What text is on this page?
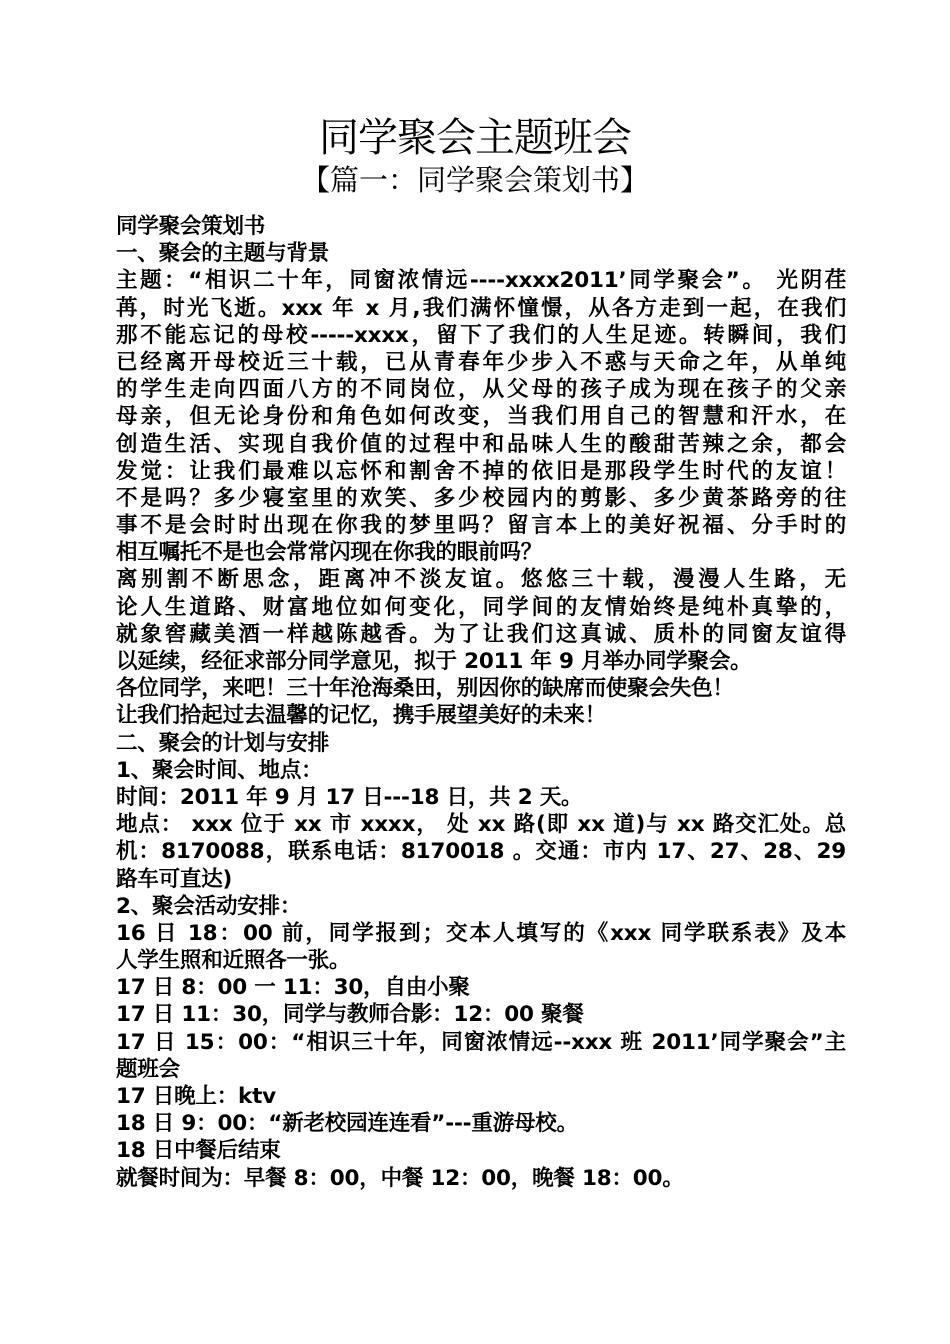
同学聚会主题班会
【篇一：同学聚会策划书】
同学聚会策划书
一、聚会的主题与背景
主题：“相识二十年，同窗浓情远----xxxx2011’同学聚会”。 光阴荏
苒，时光飞逝。xxx 年 x 月,我们满怀憧憬，从各方走到一起，在我们
那不能忘记的母校-----xxxx，留下了我们的人生足迹。转瞬间，我们
已经离开母校近三十载，已从青春年少步入不惑与天命之年，从单纯
的学生走向四面八方的不同岗位，从父母的孩子成为现在孩子的父亲
母亲，但无论身份和角色如何改变，当我们用自己的智慧和汗水，在
创造生活、实现自我价值的过程中和品味人生的酸甜苦辣之余，都会
发觉：让我们最难以忘怀和割舍不掉的依旧是那段学生时代的友谊！
不是吗？多少寝室里的欢笑、多少校园内的剪影、多少黄茶路旁的往
事不是会时时出现在你我的梦里吗？留言本上的美好祝福、分手时的
相互嘱托不是也会常常闪现在你我的眼前吗？
离别割不断思念，距离冲不淡友谊。悠悠三十载，漫漫人生路，无
论人生道路、财富地位如何变化，同学间的友情始终是纯朴真挚的，
就象窖藏美酒一样越陈越香。为了让我们这真诚、质朴的同窗友谊得
以延续，经征求部分同学意见，拟于 2011 年 9 月举办同学聚会。
各位同学，来吧！三十年沧海桑田，别因你的缺席而使聚会失色！
让我们拾起过去温馨的记忆，携手展望美好的未来！
二、聚会的计划与安排
1、聚会时间、地点：
时间：2011 年 9 月 17 日---18 日，共 2 天。
地点： xxx 位于 xx 市 xxxx， 处 xx 路(即 xx 道)与 xx 路交汇处。总
机：8170088，联系电话：8170018 。交通：市内 17、27、28、29
路车可直达)
2、聚会活动安排：
16 日 18：00 前，同学报到；交本人填写的《xxx 同学联系表》及本
人学生照和近照各一张。
17 日 8：00 一 11：30，自由小聚
17 日 11：30，同学与教师合影：12：00 聚餐
17 日 15：00：“相识三十年，同窗浓情远--xxx 班 2011’同学聚会”主
题班会
17 日晚上：ktv
18 日 9：00：“新老校园连连看”---重游母校。
18 日中餐后结束
就餐时间为：早餐 8：00，中餐 12：00，晚餐 18：00。
